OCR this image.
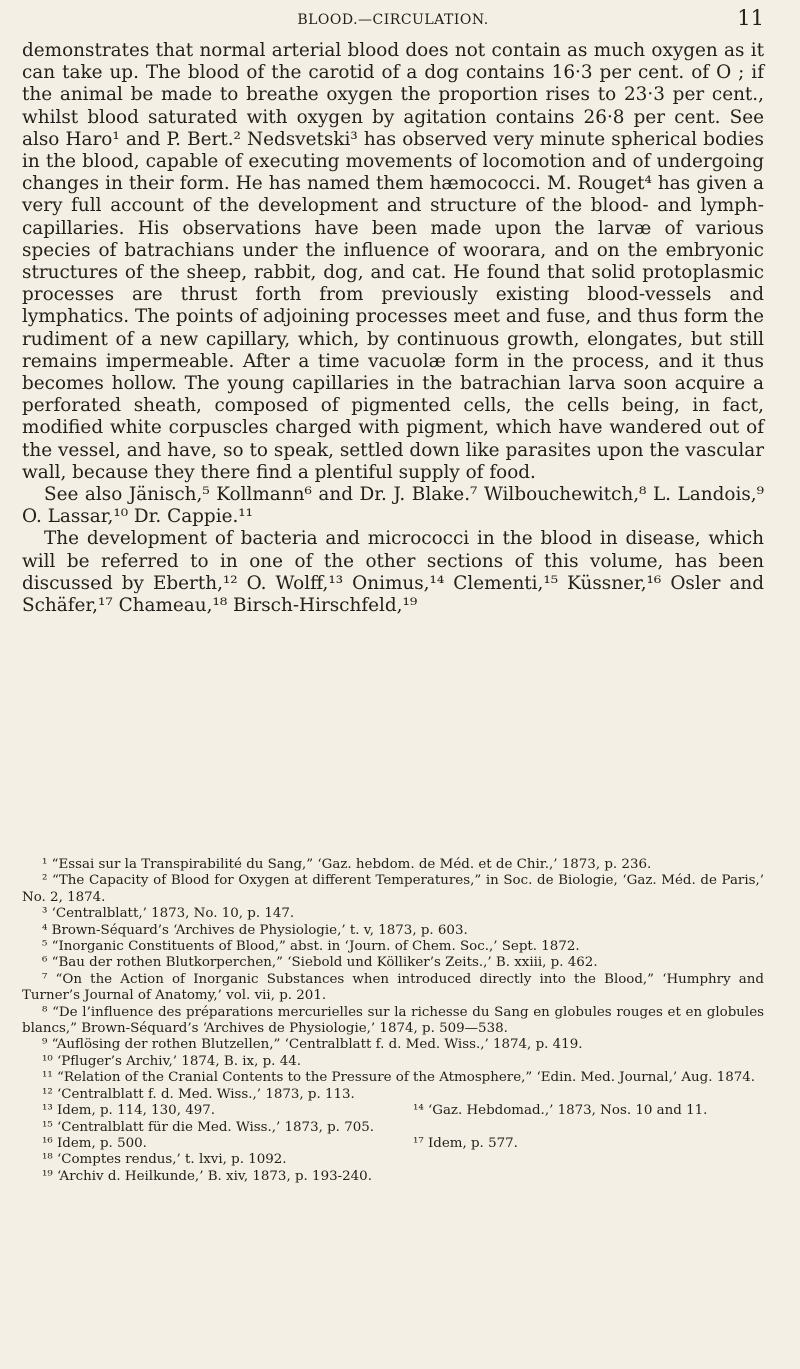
BLOOD.—CIRCULATION.	11

demonstrates that normal arterial blood does not contain as much oxygen as it can take up. The blood of the carotid of a dog contains 16·3 per cent. of O ; if the animal be made to breathe oxygen the proportion rises to 23·3 per cent., whilst blood saturated with oxygen by agitation contains 26·8 per cent. See also Haro¹ and P. Bert.² Nedsvetski³ has observed very minute spherical bodies in the blood, capable of executing movements of locomotion and of undergoing changes in their form. He has named them hæmococci. M. Rouget⁴ has given a very full account of the development and structure of the blood- and lymph-capillaries. His observations have been made upon the larvæ of various species of batrachians under the influence of woorara, and on the embryonic structures of the sheep, rabbit, dog, and cat. He found that solid protoplasmic processes are thrust forth from previously existing blood-vessels and lymphatics. The points of adjoining processes meet and fuse, and thus form the rudiment of a new capillary, which, by continuous growth, elongates, but still remains impermeable. After a time vacuolæ form in the process, and it thus becomes hollow. The young capillaries in the batrachian larva soon acquire a perforated sheath, composed of pigmented cells, the cells being, in fact, modified white corpuscles charged with pigment, which have wandered out of the vessel, and have, so to speak, settled down like parasites upon the vascular wall, because they there find a plentiful supply of food.

See also Jänisch,⁵ Kollmann⁶ and Dr. J. Blake.⁷ Wilbouchewitch,⁸ L. Landois,⁹ O. Lassar,¹⁰ Dr. Cappie.¹¹

The development of bacteria and micrococci in the blood in disease, which will be referred to in one of the other sections of this volume, has been discussed by Eberth,¹² O. Wolff,¹³ Onimus,¹⁴ Clementi,¹⁵ Küssner,¹⁶ Osler and Schäfer,¹⁷ Chameau,¹⁸ Birsch-Hirschfeld,¹⁹

¹ “Essai sur la Transpirabilité du Sang,” ‘Gaz. hebdom. de Méd. et de Chir.,’ 1873, p. 236.

² “The Capacity of Blood for Oxygen at different Temperatures,” in Soc. de Biologie, ‘Gaz. Méd. de Paris,’ No. 2, 1874.

³ ‘Centralblatt,’ 1873, No. 10, p. 147.

⁴ Brown-Séquard’s ‘Archives de Physiologie,’ t. v, 1873, p. 603.

⁵ “Inorganic Constituents of Blood,” abst. in ‘Journ. of Chem. Soc.,’ Sept. 1872.

⁶ “Bau der rothen Blutkorperchen,” ‘Siebold und Kölliker’s Zeits.,’ B. xxiii, p. 462.

⁷ “On the Action of Inorganic Substances when introduced directly into the Blood,” ‘Humphry and Turner’s Journal of Anatomy,’ vol. vii, p. 201.

⁸ “De l’influence des préparations mercurielles sur la richesse du Sang en globules rouges et en globules blancs,” Brown-Séquard’s ‘Archives de Physiologie,’ 1874, p. 509—538.

⁹ “Auflösing der rothen Blutzellen,” ‘Centralblatt f. d. Med. Wiss.,’ 1874, p. 419.

¹⁰ ‘Pfluger’s Archiv,’ 1874, B. ix, p. 44.

¹¹ “Relation of the Cranial Contents to the Pressure of the Atmosphere,” ‘Edin. Med. Journal,’ Aug. 1874.

¹² ‘Centralblatt f. d. Med. Wiss.,’ 1873, p. 113.

¹³ Idem, p. 114, 130, 497.	¹⁴ ‘Gaz. Hebdomad.,’ 1873, Nos. 10 and 11.

¹⁵ ‘Centralblatt für die Med. Wiss.,’ 1873, p. 705.

¹⁶ Idem, p. 500.	¹⁷ Idem, p. 577.

¹⁸ ‘Comptes rendus,’ t. lxvi, p. 1092.

¹⁹ ‘Archiv d. Heilkunde,’ B. xiv, 1873, p. 193-240.
